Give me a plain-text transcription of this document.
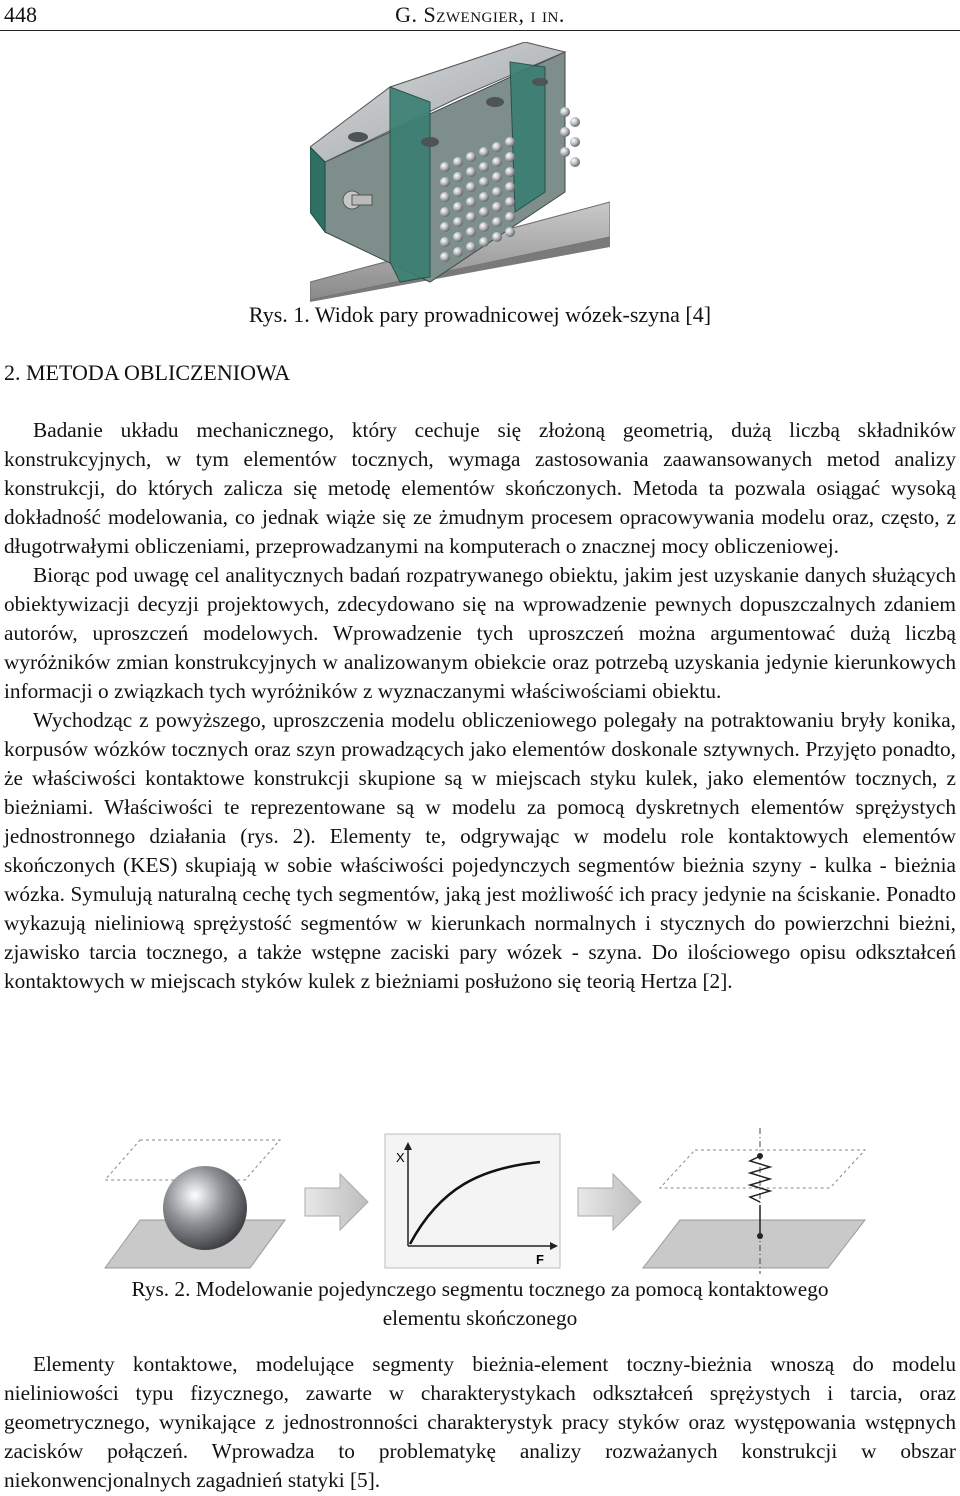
448	G. Szwengier, i in.
Rys. 1. Widok pary prowadnicowej wózek-szyna [4]
2. METODA OBLICZENIOWA

Badanie układu mechanicznego, który cechuje się złożoną geometrią, dużą liczbą składników konstrukcyjnych, w tym elementów tocznych, wymaga zastosowania zaawansowanych metod analizy konstrukcji, do których zalicza się metodę elementów skończonych. Metoda ta pozwala osiągać wysoką dokładność modelowania, co jednak wiąże się ze żmudnym procesem opracowywania modelu oraz, często, z długotrwałymi obliczeniami, przeprowadzanymi na komputerach o znacznej mocy obliczeniowej.

Biorąc pod uwagę cel analitycznych badań rozpatrywanego obiektu, jakim jest uzyskanie danych służących obiektywizacji decyzji projektowych, zdecydowano się na wprowadzenie pewnych dopuszczalnych zdaniem autorów, uproszczeń modelowych. Wprowadzenie tych uproszczeń można argumentować dużą liczbą wyróżników zmian konstrukcyjnych w analizowanym obiekcie oraz potrzebą uzyskania jedynie kierunkowych informacji o związkach tych wyróżników z wyznaczanymi właściwościami obiektu.

Wychodząc z powyższego, uproszczenia modelu obliczeniowego polegały na potraktowaniu bryły konika, korpusów wózków tocznych oraz szyn prowadzących jako elementów doskonale sztywnych. Przyjęto ponadto, że właściwości kontaktowe konstrukcji skupione są w miejscach styku kulek, jako elementów tocznych, z bieżniami. Właściwości te reprezentowane są w modelu za pomocą dyskretnych elementów sprężystych jednostronnego działania (rys. 2). Elementy te, odgrywając w modelu role kontaktowych elementów skończonych (KES) skupiają w sobie właściwości pojedynczych segmentów bieżnia szyny - kulka - bieżnia wózka. Symulują naturalną cechę tych segmentów, jaką jest możliwość ich pracy jedynie na ściskanie. Ponadto wykazują nieliniową sprężystość segmentów w kierunkach normalnych i stycznych do powierzchni bieżni, zjawisko tarcia tocznego, a także wstępne zaciski pary wózek - szyna. Do ilościowego opisu odkształceń kontaktowych w miejscach styków kulek z bieżniami posłużono się teorią Hertza [2].

X
F
Rys. 2. Modelowanie pojedynczego segmentu tocznego za pomocą kontaktowego
elementu skończonego

Elementy kontaktowe, modelujące segmenty bieżnia-element toczny-bieżnia wnoszą do modelu nieliniowości typu fizycznego, zawarte w charakterystykach odkształceń sprężystych i tarcia, oraz geometrycznego, wynikające z jednostronności charakterystyk pracy styków oraz występowania wstępnych zacisków połączeń. Wprowadza to problematykę analizy rozważanych konstrukcji w obszar niekonwencjonalnych zagadnień statyki [5].
